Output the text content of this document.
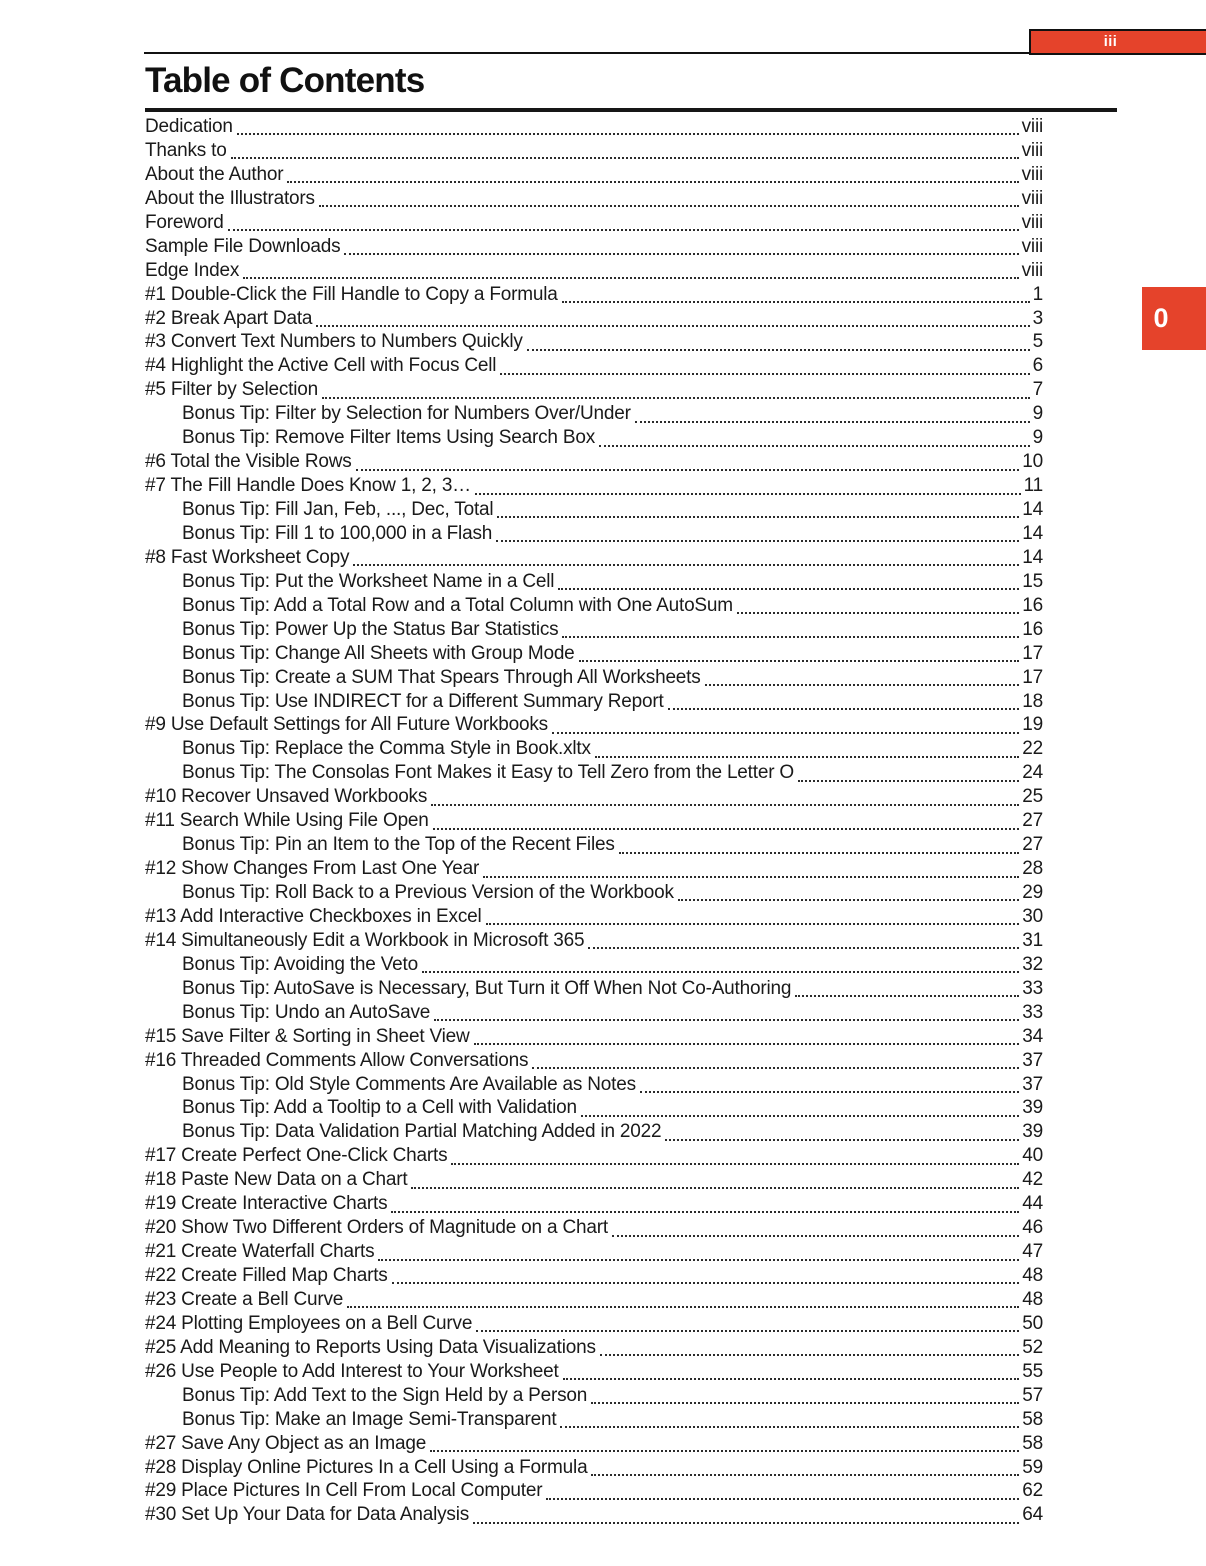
iii
Table of Contents
Dedication	viii
Thanks to	viii
About the Author	viii
About the Illustrators	viii
Foreword	viii
Sample File Downloads	viii
Edge Index	viii
#1 Double-Click the Fill Handle to Copy a Formula	1
#2 Break Apart Data	3
#3 Convert Text Numbers to Numbers Quickly	5
#4 Highlight the Active Cell with Focus Cell	6
#5 Filter by Selection	7
Bonus Tip: Filter by Selection for Numbers Over/Under	9
Bonus Tip: Remove Filter Items Using Search Box	9
#6 Total the Visible Rows	10
#7 The Fill Handle Does Know 1, 2, 3…	11
Bonus Tip: Fill Jan, Feb, ..., Dec, Total	14
Bonus Tip: Fill 1 to 100,000 in a Flash	14
#8 Fast Worksheet Copy	14
Bonus Tip: Put the Worksheet Name in a Cell	15
Bonus Tip: Add a Total Row and a Total Column with One AutoSum	16
Bonus Tip: Power Up the Status Bar Statistics	16
Bonus Tip: Change All Sheets with Group Mode	17
Bonus Tip: Create a SUM That Spears Through All Worksheets	17
Bonus Tip: Use INDIRECT for a Different Summary Report	18
#9 Use Default Settings for All Future Workbooks	19
Bonus Tip: Replace the Comma Style in Book.xltx	22
Bonus Tip: The Consolas Font Makes it Easy to Tell Zero from the Letter O	24
#10 Recover Unsaved Workbooks	25
#11 Search While Using File Open	27
Bonus Tip: Pin an Item to the Top of the Recent Files	27
#12 Show Changes From Last One Year	28
Bonus Tip: Roll Back to a Previous Version of the Workbook	29
#13 Add Interactive Checkboxes in Excel	30
#14 Simultaneously Edit a Workbook in Microsoft 365	31
Bonus Tip: Avoiding the Veto	32
Bonus Tip: AutoSave is Necessary, But Turn it Off When Not Co-Authoring	33
Bonus Tip: Undo an AutoSave	33
#15 Save Filter & Sorting in Sheet View	34
#16 Threaded Comments Allow Conversations	37
Bonus Tip: Old Style Comments Are Available as Notes	37
Bonus Tip: Add a Tooltip to a Cell with Validation	39
Bonus Tip: Data Validation Partial Matching Added in 2022	39
#17 Create Perfect One-Click Charts	40
#18 Paste New Data on a Chart	42
#19 Create Interactive Charts	44
#20 Show Two Different Orders of Magnitude on a Chart	46
#21 Create Waterfall Charts	47
#22 Create Filled Map Charts	48
#23 Create a Bell Curve	48
#24 Plotting Employees on a Bell Curve	50
#25 Add Meaning to Reports Using Data Visualizations	52
#26 Use People to Add Interest to Your Worksheet	55
Bonus Tip: Add Text to the Sign Held by a Person	57
Bonus Tip: Make an Image Semi-Transparent	58
#27 Save Any Object as an Image	58
#28 Display Online Pictures In a Cell Using a Formula	59
#29 Place Pictures In Cell From Local Computer	62
#30 Set Up Your Data for Data Analysis	64
0
